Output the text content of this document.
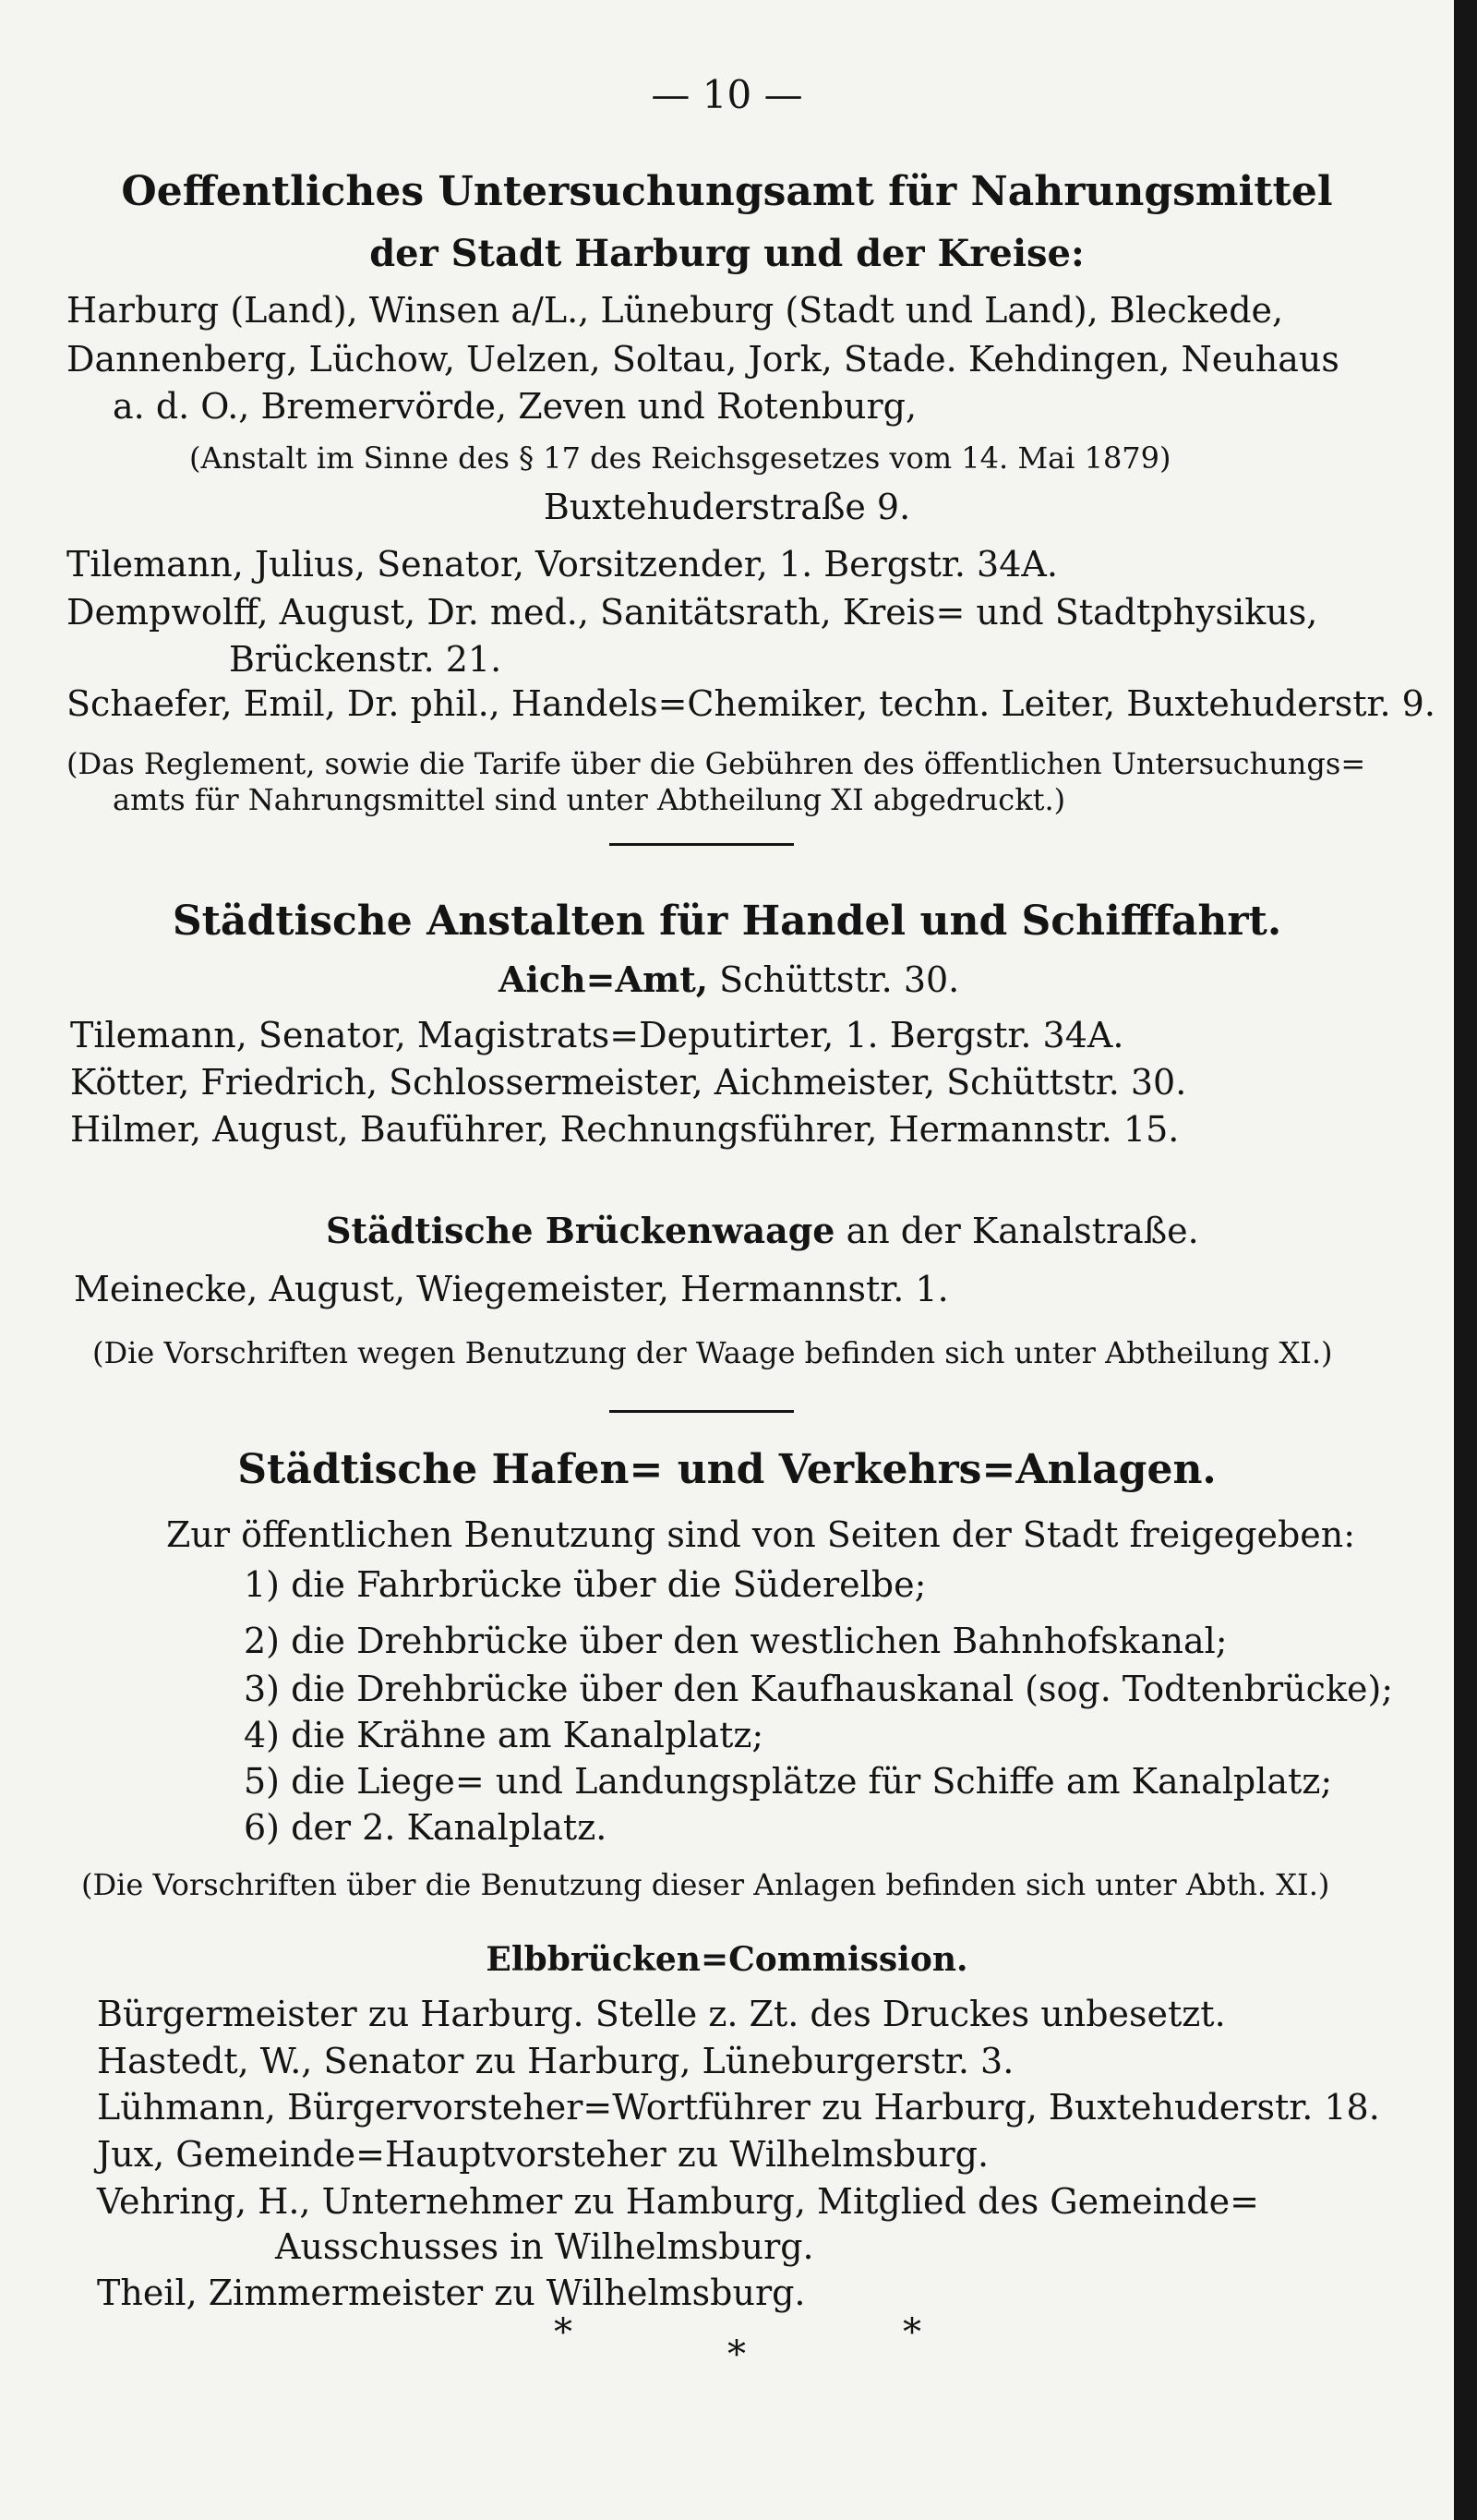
— 10 —
Oeffentliches Untersuchungsamt für Nahrungsmittel
der Stadt Harburg und der Kreise:
Harburg (Land), Winsen a/L., Lüneburg (Stadt und Land), Bleckede,
Dannenberg, Lüchow, Uelzen, Soltau, Jork, Stade. Kehdingen, Neuhaus
a. d. O., Bremervörde, Zeven und Rotenburg,
(Anstalt im Sinne des § 17 des Reichsgesetzes vom 14. Mai 1879)
Buxtehuderstraße 9.
Tilemann, Julius, Senator, Vorsitzender, 1. Bergstr. 34A.
Dempwolff, August, Dr. med., Sanitätsrath, Kreis= und Stadtphysikus,
Brückenstr. 21.
Schaefer, Emil, Dr. phil., Handels=Chemiker, techn. Leiter, Buxtehuderstr. 9.
(Das Reglement, sowie die Tarife über die Gebühren des öffentlichen Untersuchungs=
amts für Nahrungsmittel sind unter Abtheilung XI abgedruckt.)
Städtische Anstalten für Handel und Schifffahrt.
Aich=Amt, Schüttstr. 30.
Tilemann, Senator, Magistrats=Deputirter, 1. Bergstr. 34A.
Kötter, Friedrich, Schlossermeister, Aichmeister, Schüttstr. 30.
Hilmer, August, Bauführer, Rechnungsführer, Hermannstr. 15.
Städtische Brückenwaage an der Kanalstraße.
Meinecke, August, Wiegemeister, Hermannstr. 1.
(Die Vorschriften wegen Benutzung der Waage befinden sich unter Abtheilung XI.)
Städtische Hafen= und Verkehrs=Anlagen.
Zur öffentlichen Benutzung sind von Seiten der Stadt freigegeben:
1) die Fahrbrücke über die Süderelbe;
2) die Drehbrücke über den westlichen Bahnhofskanal;
3) die Drehbrücke über den Kaufhauskanal (sog. Todtenbrücke);
4) die Krähne am Kanalplatz;
5) die Liege= und Landungsplätze für Schiffe am Kanalplatz;
6) der 2. Kanalplatz.
(Die Vorschriften über die Benutzung dieser Anlagen befinden sich unter Abth. XI.)
Elbbrücken=Commission.
Bürgermeister zu Harburg. Stelle z. Zt. des Druckes unbesetzt.
Hastedt, W., Senator zu Harburg, Lüneburgerstr. 3.
Lühmann, Bürgervorsteher=Wortführer zu Harburg, Buxtehuderstr. 18.
Jux, Gemeinde=Hauptvorsteher zu Wilhelmsburg.
Vehring, H., Unternehmer zu Hamburg, Mitglied des Gemeinde=
Ausschusses in Wilhelmsburg.
Theil, Zimmermeister zu Wilhelmsburg.
*
*
*
